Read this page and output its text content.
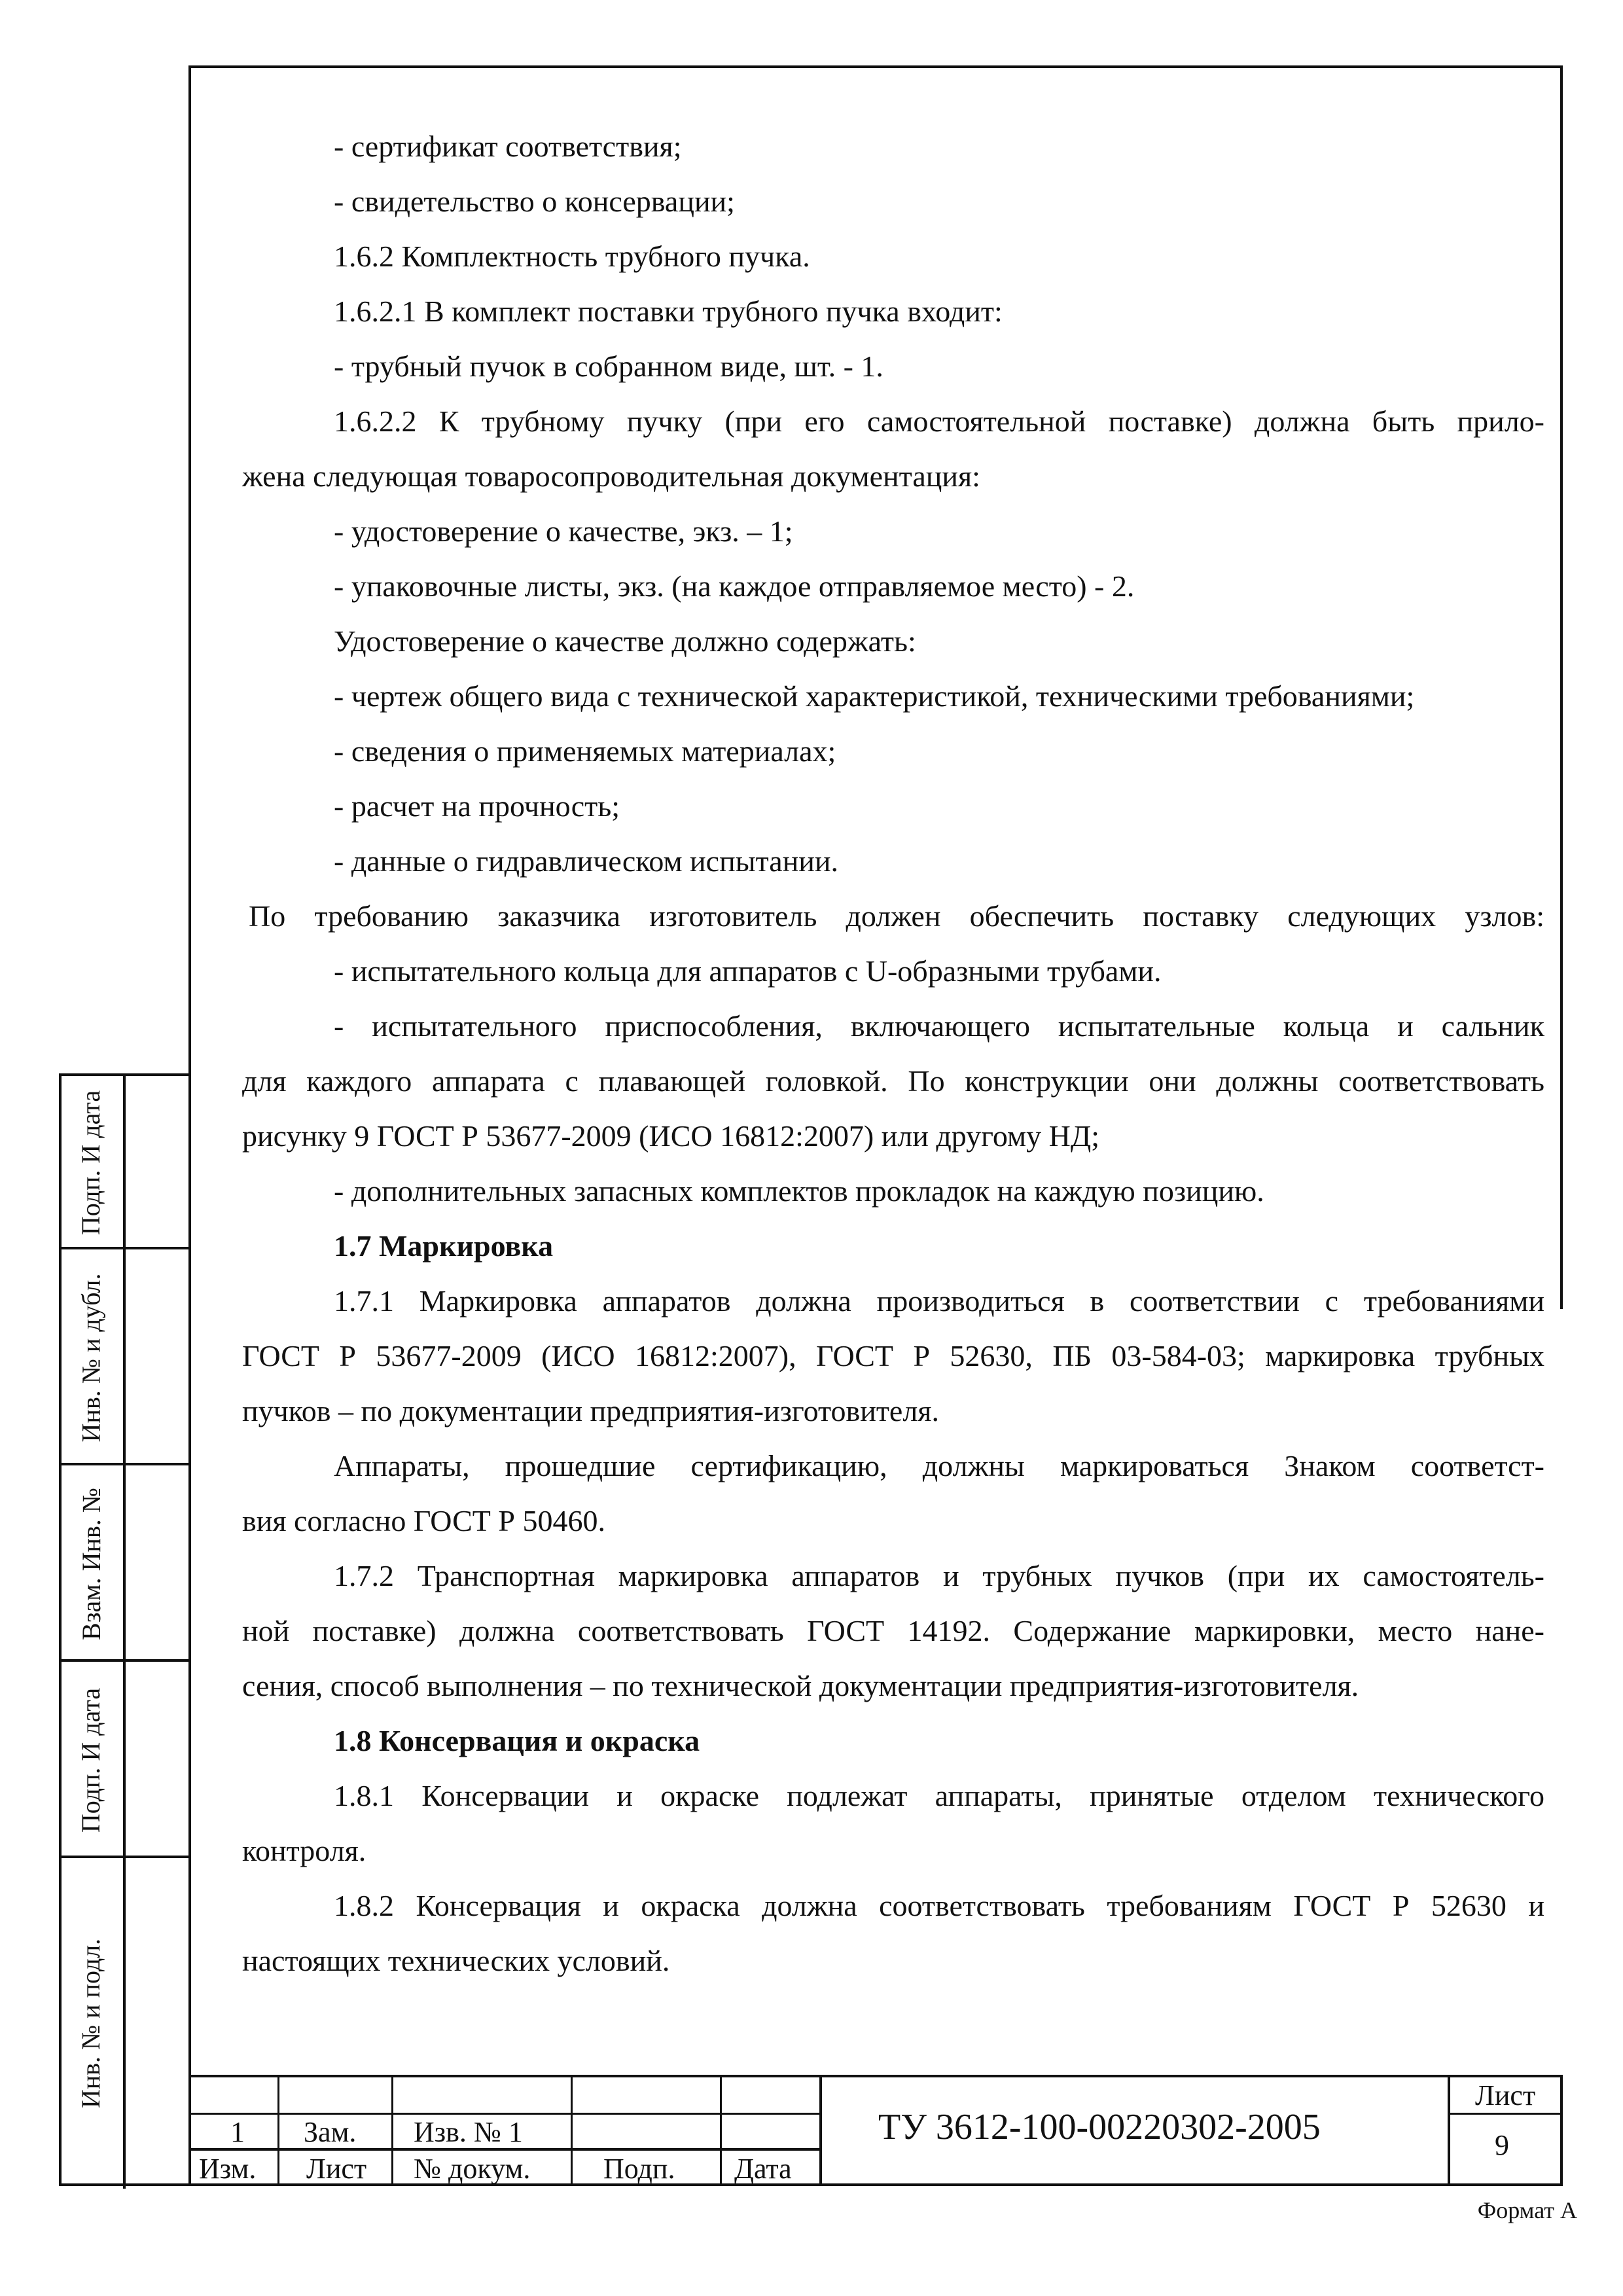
- сертификат соответствия;

- свидетельство о консервации;

1.6.2 Комплектность трубного пучка.

1.6.2.1 В комплект поставки трубного пучка входит:

- трубный пучок в собранном виде, шт. - 1.

1.6.2.2 К трубному пучку (при его самостоятельной поставке) должна быть прило-

жена следующая товаросопроводительная документация:

- удостоверение о качестве, экз. – 1;

- упаковочные листы, экз. (на каждое отправляемое место) - 2.

Удостоверение о качестве должно содержать:

- чертеж общего вида с технической характеристикой, техническими требованиями;

- сведения о применяемых материалах;

- расчет на прочность;

- данные о гидравлическом испытании.

По требованию заказчика изготовитель должен обеспечить поставку следующих узлов:

- испытательного кольца для аппаратов с U-образными трубами.

- испытательного приспособления, включающего испытательные кольца и сальник

для каждого аппарата с плавающей головкой. По конструкции они должны соответствовать

рисунку 9 ГОСТ Р 53677-2009 (ИСО 16812:2007) или другому НД;

- дополнительных запасных комплектов прокладок на каждую позицию.

1.7 Маркировка

1.7.1 Маркировка аппаратов должна производиться в соответствии с требованиями

ГОСТ Р 53677-2009 (ИСО 16812:2007), ГОСТ Р 52630, ПБ 03-584-03; маркировка трубных

пучков – по документации предприятия-изготовителя.

Аппараты, прошедшие сертификацию, должны маркироваться Знаком соответст-

вия согласно ГОСТ Р 50460.

1.7.2 Транспортная маркировка аппаратов и трубных пучков (при их самостоятель-

ной поставке) должна соответствовать ГОСТ 14192. Содержание маркировки, место нане-

сения, способ выполнения – по технической документации предприятия-изготовителя.

1.8 Консервация и окраска

1.8.1 Консервации и окраске подлежат аппараты, принятые отделом технического

контроля.

1.8.2 Консервация и окраска должна соответствовать требованиям ГОСТ Р 52630 и

настоящих технических условий.

Подп. И дата
Инв. № и дубл.
Взам. Инв. №
Подп. И дата
Инв. № и подл.
1 Зам. Изв. № 1
Изм. Лист № докум.	Подп. Дата
ТУ 3612-100-00220302-2005
Лист
9
Формат А
